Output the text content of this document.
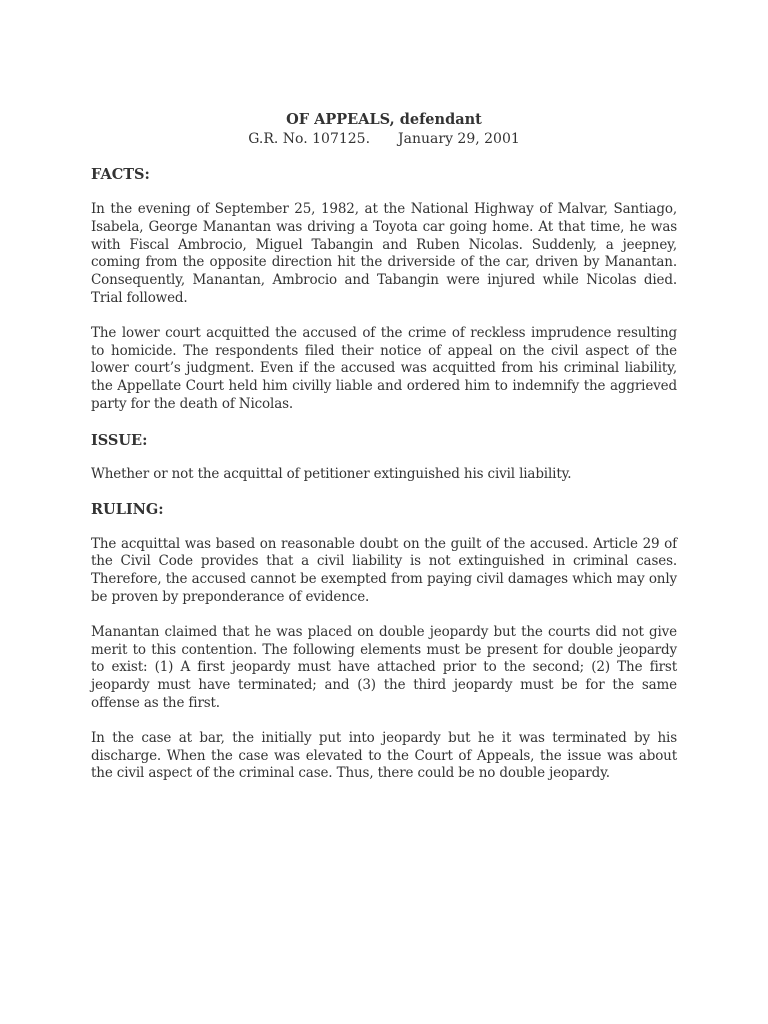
OF APPEALS, defendant

G.R. No. 107125. January 29, 2001

FACTS:

In the evening of September 25, 1982, at the National Highway of Malvar, Santiago, Isabela, George Manantan was driving a Toyota car going home. At that time, he was with Fiscal Ambrocio, Miguel Tabangin and Ruben Nicolas. Suddenly, a jeepney, coming from the opposite direction hit the driverside of the car, driven by Manantan. Consequently, Manantan, Ambrocio and Tabangin were injured while Nicolas died. Trial followed.

The lower court acquitted the accused of the crime of reckless imprudence resulting to homicide. The respondents filed their notice of appeal on the civil aspect of the lower court’s judgment. Even if the accused was acquitted from his criminal liability, the Appellate Court held him civilly liable and ordered him to indemnify the aggrieved party for the death of Nicolas.

ISSUE:

Whether or not the acquittal of petitioner extinguished his civil liability.

RULING:

The acquittal was based on reasonable doubt on the guilt of the accused. Article 29 of the Civil Code provides that a civil liability is not extinguished in criminal cases. Therefore, the accused cannot be exempted from paying civil damages which may only be proven by preponderance of evidence.

Manantan claimed that he was placed on double jeopardy but the courts did not give merit to this contention. The following elements must be present for double jeopardy to exist: (1) A first jeopardy must have attached prior to the second; (2) The first jeopardy must have terminated; and (3) the third jeopardy must be for the same offense as the first.

In the case at bar, the initially put into jeopardy but he it was terminated by his discharge. When the case was elevated to the Court of Appeals, the issue was about the civil aspect of the criminal case. Thus, there could be no double jeopardy.
